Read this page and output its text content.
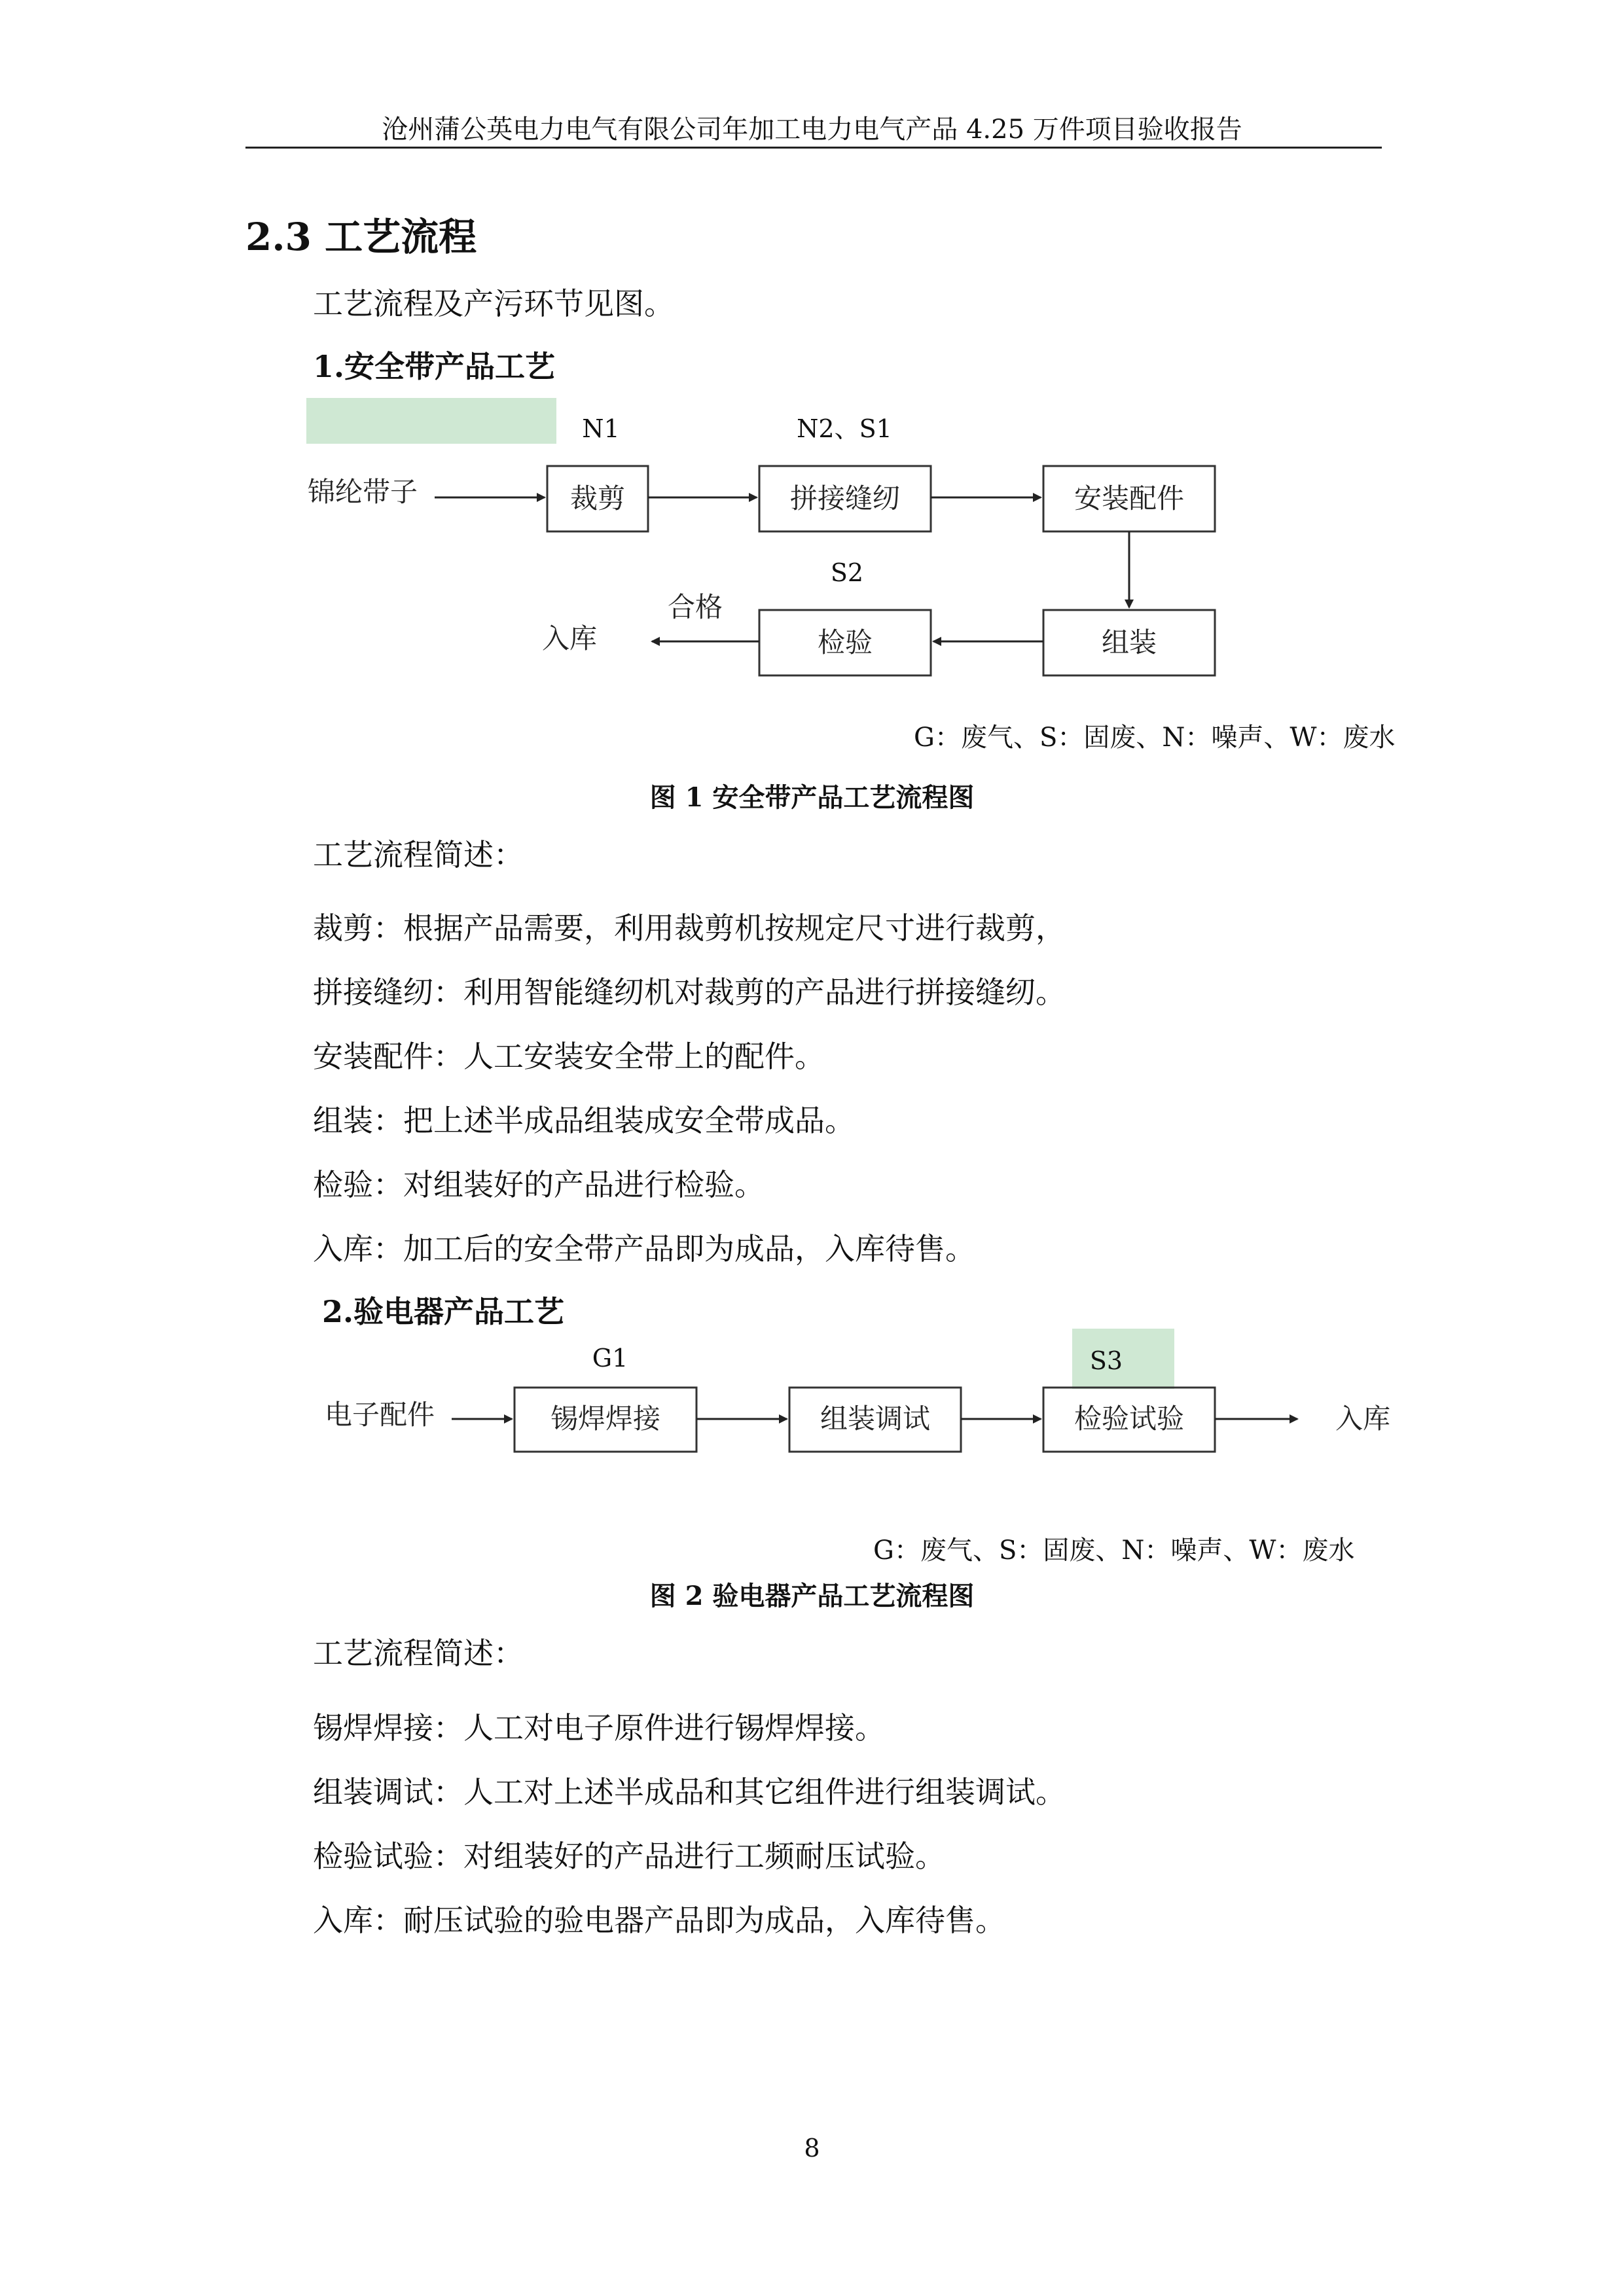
沧州蒲公英电力电气有限公司年加工电力电气产品 4.25 万件项目验收报告
2.3 工艺流程
工艺流程及产污环节见图。
1.安全带产品工艺
N1	N2、S1
S2
锦纶带子	裁剪	拼接缝纫	安装配件
组装
检验
合格
入库
G：废气、S：固废、N：噪声、W：废水
图 1 安全带产品工艺流程图
工艺流程简述：
裁剪：根据产品需要，利用裁剪机按规定尺寸进行裁剪，
拼接缝纫：利用智能缝纫机对裁剪的产品进行拼接缝纫。
安装配件：人工安装安全带上的配件。
组装：把上述半成品组装成安全带成品。
检验：对组装好的产品进行检验。
入库：加工后的安全带产品即为成品，入库待售。
2.验电器产品工艺
G1	S3
电子配件	锡焊焊接	组装调试	检验试验	入库
G：废气、S：固废、N：噪声、W：废水
图 2 验电器产品工艺流程图
工艺流程简述：
锡焊焊接：人工对电子原件进行锡焊焊接。
组装调试：人工对上述半成品和其它组件进行组装调试。
检验试验：对组装好的产品进行工频耐压试验。
入库：耐压试验的验电器产品即为成品，入库待售。
8
